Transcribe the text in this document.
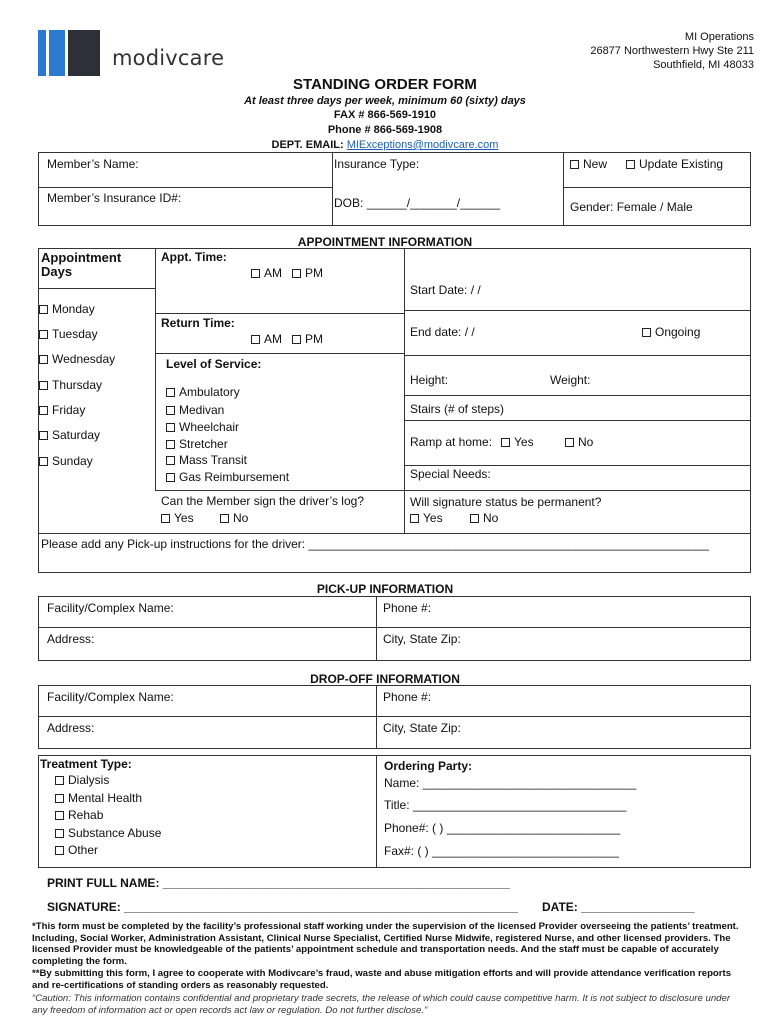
modivcare
MI Operations
26877 Northwestern Hwy Ste 211
Southfield, MI 48033
STANDING ORDER FORM
At least three days per week, minimum 60 (sixty) days
FAX # 866-569-1910
Phone # 866-569-1908
DEPT. EMAIL: MIExceptions@modivcare.com
Member’s Name:	Insurance Type:	New	Update Existing
Member’s Insurance ID#:	DOB: ______/_______/______	Gender: Female / Male
APPOINTMENT INFORMATION
Appointment Days
Monday
Tuesday
Wednesday
Thursday
Friday
Saturday
Sunday
Appt. Time:
AM	PM
Return Time:
AM	PM
Level of Service:
Ambulatory
Medivan
Wheelchair
Stretcher
Mass Transit
Gas Reimbursement
Start Date: / /
End date: / /	Ongoing
Height:	Weight:
Stairs (# of steps)
Ramp at home:	Yes	No
Special Needs:
Can the Member sign the driver’s log?
Yes	No
Will signature status be permanent?
Yes	No
Please add any Pick-up instructions for the driver: ____________________________________________________________
PICK-UP INFORMATION
Facility/Complex Name:	Phone #:
Address:	City, State Zip:
DROP-OFF INFORMATION
Facility/Complex Name:	Phone #:
Address:	City, State Zip:
Treatment Type:
Dialysis
Mental Health
Rehab
Substance Abuse
Other
Ordering Party:
Name: ________________________________
Title: ________________________________
Phone#: ( ) __________________________
Fax#: ( ) ____________________________
PRINT FULL NAME: ____________________________________________________
SIGNATURE: ___________________________________________________________ DATE: _________________
*This form must be completed by the facility’s professional staff working under the supervision of the licensed Provider overseeing the patients’ treatment. Including, Social Worker, Administration Assistant, Clinical Nurse Specialist, Certified Nurse Midwife, registered Nurse, and other licensed providers. The licensed Provider must be knowledgeable of the patients’ appointment schedule and transportation needs. And the staff must be capable of accurately completing the form.
**By submitting this form, I agree to cooperate with Modivcare’s fraud, waste and abuse mitigation efforts and will provide attendance verification reports and re-certifications of standing orders as reasonably requested.
“Caution: This information contains confidential and proprietary trade secrets, the release of which could cause competitive harm. It is not subject to disclosure under any freedom of information act or open records act law or regulation. Do not further disclose.”
